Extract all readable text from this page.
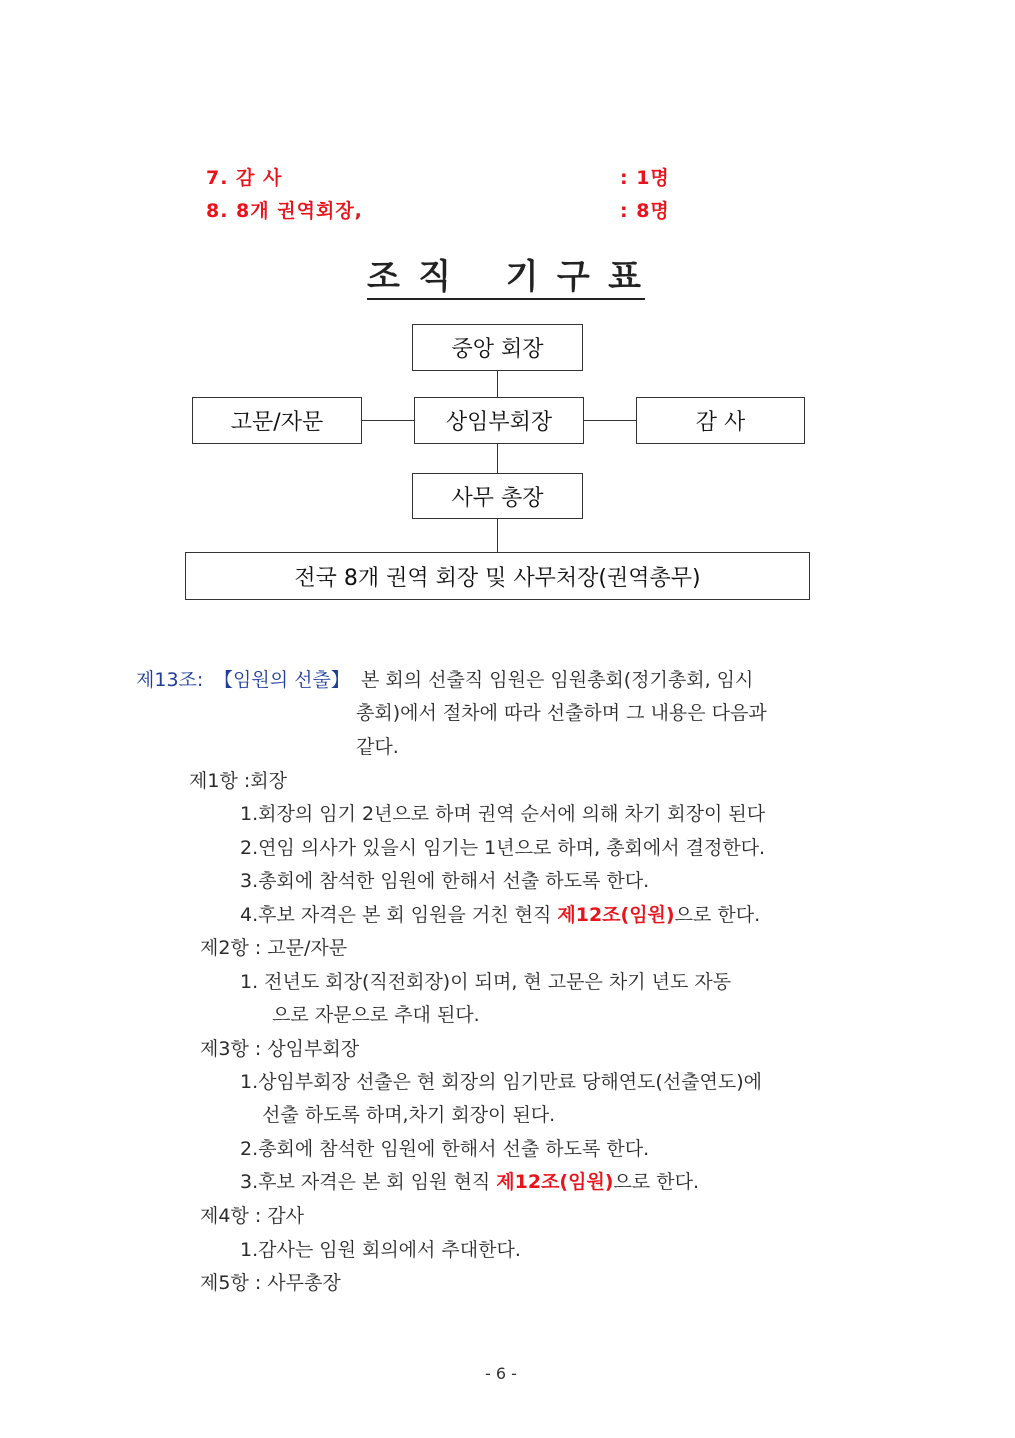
7. 감 사	: 1명
8. 8개 권역회장,	: 8명
조 직 기 구 표
중앙 회장
고문/자문	상임부회장	감 사
사무 총장
전국 8개 권역 회장 및 사무처장(권역총무)
제13조: 【임원의 선출】 본 회의 선출직 임원은 임원총회(정기총회, 임시
총회)에서 절차에 따라 선출하며 그 내용은 다음과
같다.
제1항 :회장
1.회장의 임기 2년으로 하며 권역 순서에 의해 차기 회장이 된다
2.연임 의사가 있을시 임기는 1년으로 하며, 총회에서 결정한다.
3.총회에 참석한 임원에 한해서 선출 하도록 한다.
4.후보 자격은 본 회 임원을 거친 현직 제12조(임원)으로 한다.
제2항 : 고문/자문
1. 전년도 회장(직전회장)이 되며, 현 고문은 차기 년도 자동
으로 자문으로 추대 된다.
제3항 : 상임부회장
1.상임부회장 선출은 현 회장의 임기만료 당해연도(선출연도)에
선출 하도록 하며,차기 회장이 된다.
2.총회에 참석한 임원에 한해서 선출 하도록 한다.
3.후보 자격은 본 회 임원 현직 제12조(임원)으로 한다.
제4항 : 감사
1.감사는 임원 회의에서 추대한다.
제5항 : 사무총장
- 6 -
